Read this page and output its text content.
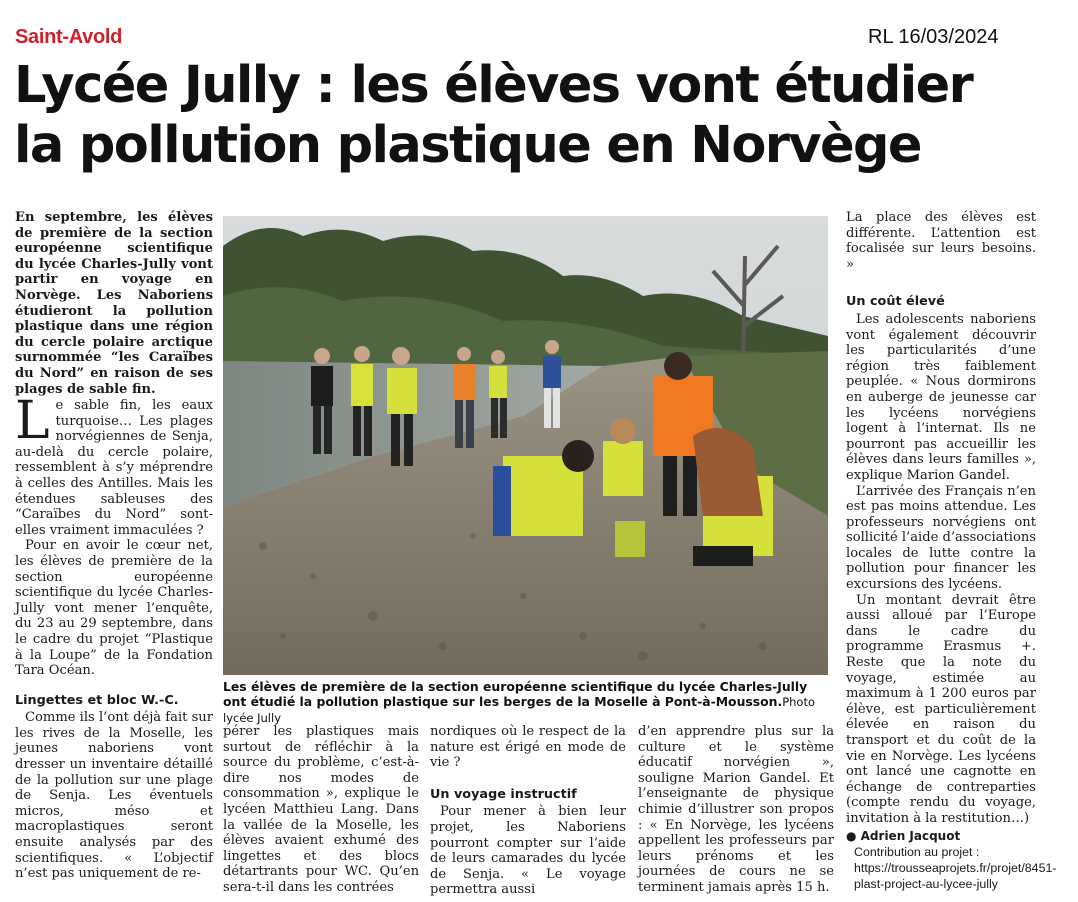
Saint-Avold	RL 16/03/2024
Lycée Jully : les élèves vont étudier
la pollution plastique en Norvège

En septembre, les élèves de première de la section européenne scientifique du lycée Charles-Jully vont partir en voyage en Norvège. Les Naboriens étudieront la pollution plastique dans une région du cercle polaire arctique surnommée “les Caraïbes du Nord” en raison de ses plages de sable fin.

Le sable fin, les eaux turquoise… Les plages norvégiennes de Senja, au-delà du cercle polaire, ressemblent à s’y méprendre à celles des Antilles. Mais les étendues sableuses des “Caraïbes du Nord” sont-elles vraiment immaculées ?

Pour en avoir le cœur net, les élèves de première de la section européenne scientifique du lycée Charles-Jully vont mener l’enquête, du 23 au 29 septembre, dans le cadre du projet “Plastique à la Loupe” de la Fondation Tara Océan.

Lingettes et bloc W.-C.

Comme ils l’ont déjà fait sur les rives de la Moselle, les jeunes naboriens vont dresser un inventaire détaillé de la pollution sur une plage de Senja. Les éventuels micros, méso et macroplastiques seront ensuite analysés par des scientifiques. « L’objectif n’est pas uniquement de re-

Les élèves de première de la section européenne scientifique du lycée Charles-Jully ont étudié la pollution plastique sur les berges de la Moselle à Pont-à-Mousson.Photo lycée Jully

pérer les plastiques mais surtout de réfléchir à la source du problème, c’est-à-dire nos modes de consommation », explique le lycéen Matthieu Lang. Dans la vallée de la Moselle, les élèves avaient exhumé des lingettes et des blocs détartrants pour WC. Qu’en sera-t-il dans les contrées

nordiques où le respect de la nature est érigé en mode de vie ?

Un voyage instructif

Pour mener à bien leur projet, les Naboriens pourront compter sur l’aide de leurs camarades du lycée de Senja. « Le voyage permettra aussi

d’en apprendre plus sur la culture et le système éducatif norvégien », souligne Marion Gandel. Et l’enseignante de physique chimie d’illustrer son propos : « En Norvège, les lycéens appellent les professeurs par leurs prénoms et les journées de cours ne se terminent jamais après 15 h.

La place des élèves est différente. L’attention est focalisée sur leurs besoins. »

Un coût élevé

Les adolescents naboriens vont également découvrir les particularités d’une région très faiblement peuplée. « Nous dormirons en auberge de jeunesse car les lycéens norvégiens logent à l’internat. Ils ne pourront pas accueillir les élèves dans leurs familles », explique Marion Gandel.

L’arrivée des Français n’en est pas moins attendue. Les professeurs norvégiens ont sollicité l’aide d’associations locales de lutte contre la pollution pour financer les excursions des lycéens.

Un montant devrait être aussi alloué par l’Europe dans le cadre du programme Erasmus +. Reste que la note du voyage, estimée au maximum à 1 200 euros par élève, est particulièrement élevée en raison du transport et du coût de la vie en Norvège. Les lycéens ont lancé une cagnotte en échange de contreparties (compte rendu du voyage, invitation à la restitution…)

● Adrien Jacquot

Contribution au projet : https://trousseaprojets.fr/projet/8451-plast-project-au-lycee-jully
